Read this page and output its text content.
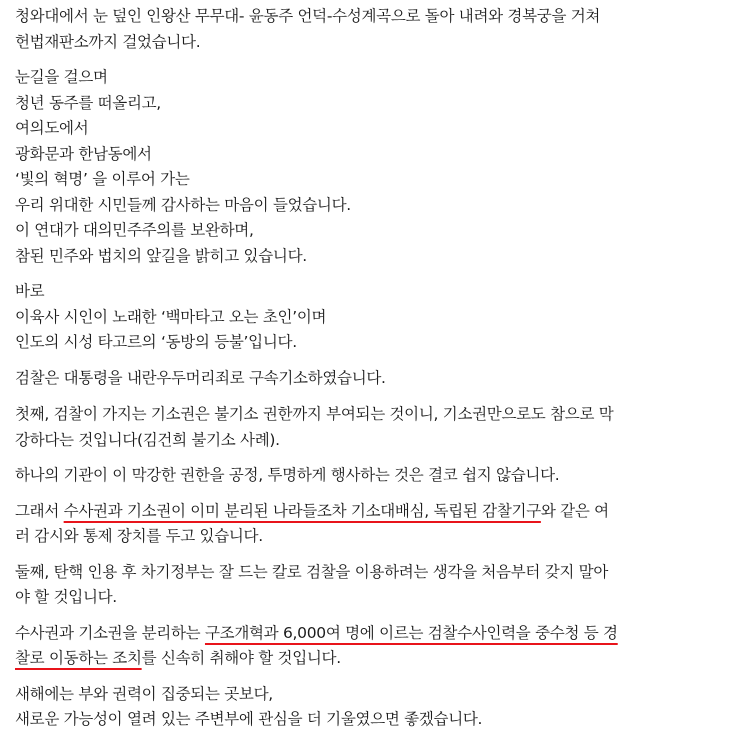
청와대에서 눈 덮인 인왕산 무무대- 윤동주 언덕-수성계곡으로 돌아 내려와 경복궁을 거쳐
헌법재판소까지 걸었습니다.
눈길을 걸으며
청년 동주를 떠올리고,
여의도에서
광화문과 한남동에서
‘빛의 혁명’ 을 이루어 가는
우리 위대한 시민들께 감사하는 마음이 들었습니다.
이 연대가 대의민주주의를 보완하며,
참된 민주와 법치의 앞길을 밝히고 있습니다.
바로
이육사 시인이 노래한 ‘백마타고 오는 초인’이며
인도의 시성 타고르의 ‘동방의 등불’입니다.
검찰은 대통령을 내란우두머리죄로 구속기소하였습니다.
첫째, 검찰이 가지는 기소권은 불기소 권한까지 부여되는 것이니, 기소권만으로도 참으로 막
강하다는 것입니다(김건희 불기소 사례).
하나의 기관이 이 막강한 권한을 공정, 투명하게 행사하는 것은 결코 쉽지 않습니다.
그래서 수사권과 기소권이 이미 분리된 나라들조차 기소대배심, 독립된 감찰기구와 같은 여
러 감시와 통제 장치를 두고 있습니다.
둘째, 탄핵 인용 후 차기정부는 잘 드는 칼로 검찰을 이용하려는 생각을 처음부터 갖지 말아
야 할 것입니다.
수사권과 기소권을 분리하는 구조개혁과 6,000여 명에 이르는 검찰수사인력을 중수청 등 경
찰로 이동하는 조치를 신속히 취해야 할 것입니다.
새해에는 부와 권력이 집중되는 곳보다,
새로운 가능성이 열려 있는 주변부에 관심을 더 기울였으면 좋겠습니다.
